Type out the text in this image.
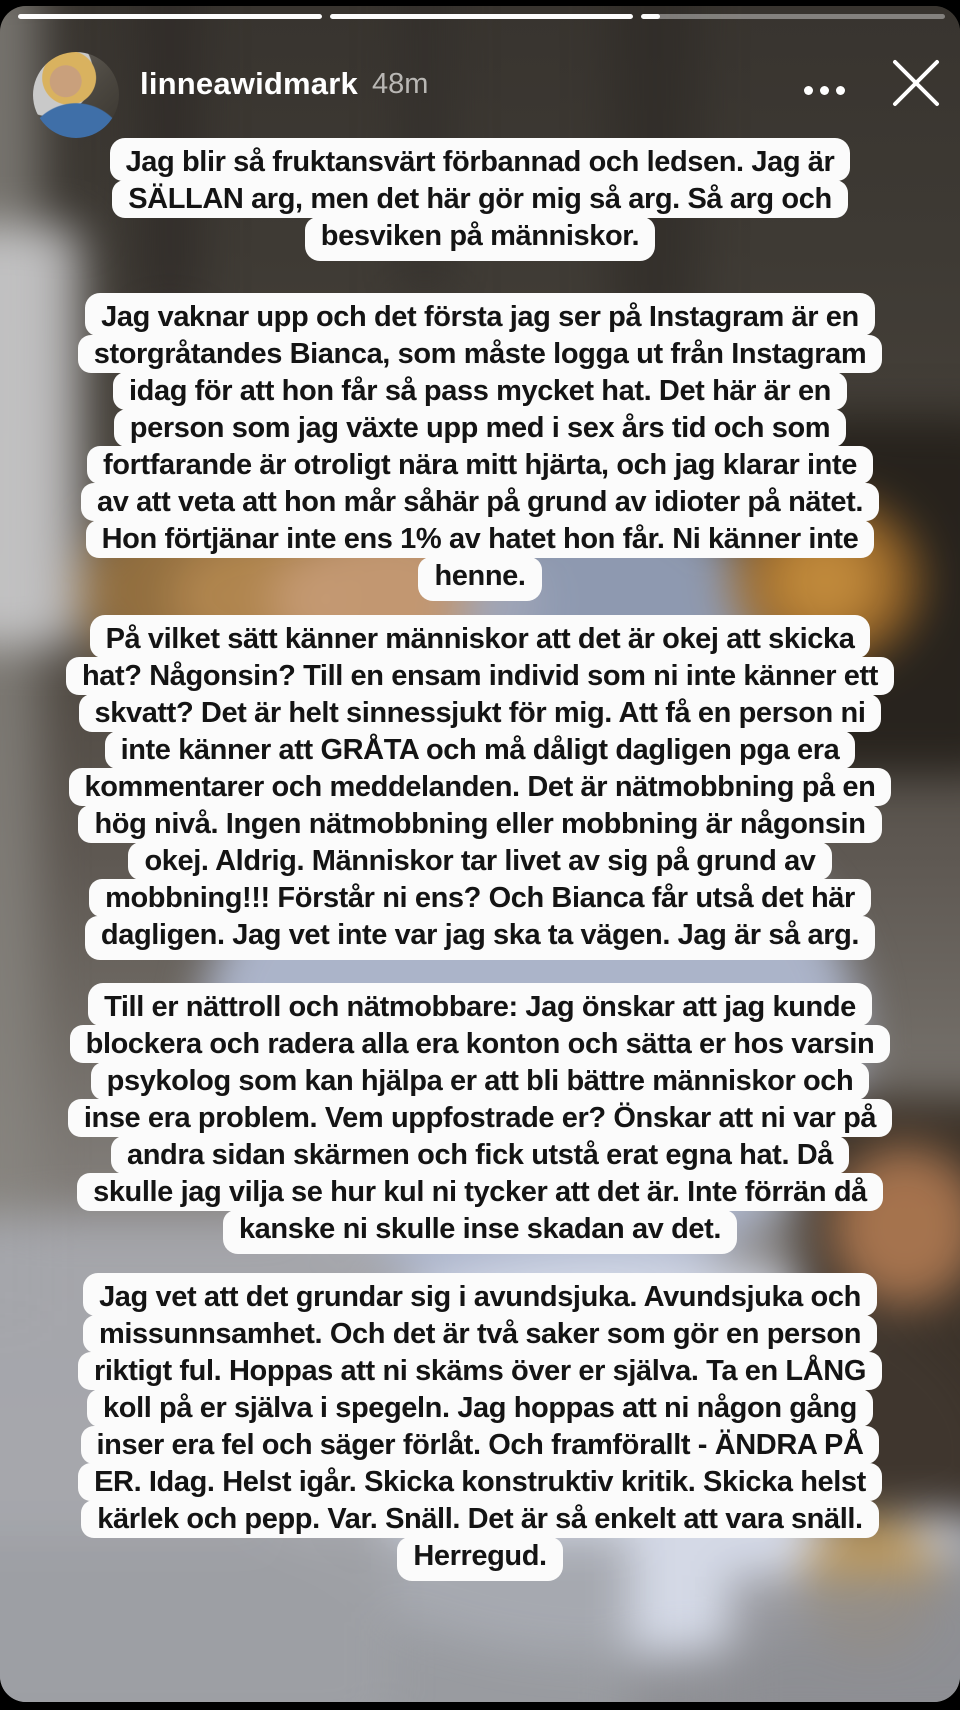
linneawidmark 48m
Jag blir så fruktansvärt förbannad och ledsen. Jag är
SÄLLAN arg, men det här gör mig så arg. Så arg och
besviken på människor.
Jag vaknar upp och det första jag ser på Instagram är en
storgråtandes Bianca, som måste logga ut från Instagram
idag för att hon får så pass mycket hat. Det här är en
person som jag växte upp med i sex års tid och som
fortfarande är otroligt nära mitt hjärta, och jag klarar inte
av att veta att hon mår såhär på grund av idioter på nätet.
Hon förtjänar inte ens 1% av hatet hon får. Ni känner inte
henne.
På vilket sätt känner människor att det är okej att skicka
hat? Någonsin? Till en ensam individ som ni inte känner ett
skvatt? Det är helt sinnessjukt för mig. Att få en person ni
inte känner att GRÅTA och må dåligt dagligen pga era
kommentarer och meddelanden. Det är nätmobbning på en
hög nivå. Ingen nätmobbning eller mobbning är någonsin
okej. Aldrig. Människor tar livet av sig på grund av
mobbning!!! Förstår ni ens? Och Bianca får utså det här
dagligen. Jag vet inte var jag ska ta vägen. Jag är så arg.
Till er nättroll och nätmobbare: Jag önskar att jag kunde
blockera och radera alla era konton och sätta er hos varsin
psykolog som kan hjälpa er att bli bättre människor och
inse era problem. Vem uppfostrade er? Önskar att ni var på
andra sidan skärmen och fick utstå erat egna hat. Då
skulle jag vilja se hur kul ni tycker att det är. Inte förrän då
kanske ni skulle inse skadan av det.
Jag vet att det grundar sig i avundsjuka. Avundsjuka och
missunnsamhet. Och det är två saker som gör en person
riktigt ful. Hoppas att ni skäms över er själva. Ta en LÅNG
koll på er själva i spegeln. Jag hoppas att ni någon gång
inser era fel och säger förlåt. Och framförallt - ÄNDRA PÅ
ER. Idag. Helst igår. Skicka konstruktiv kritik. Skicka helst
kärlek och pepp. Var. Snäll. Det är så enkelt att vara snäll.
Herregud.
